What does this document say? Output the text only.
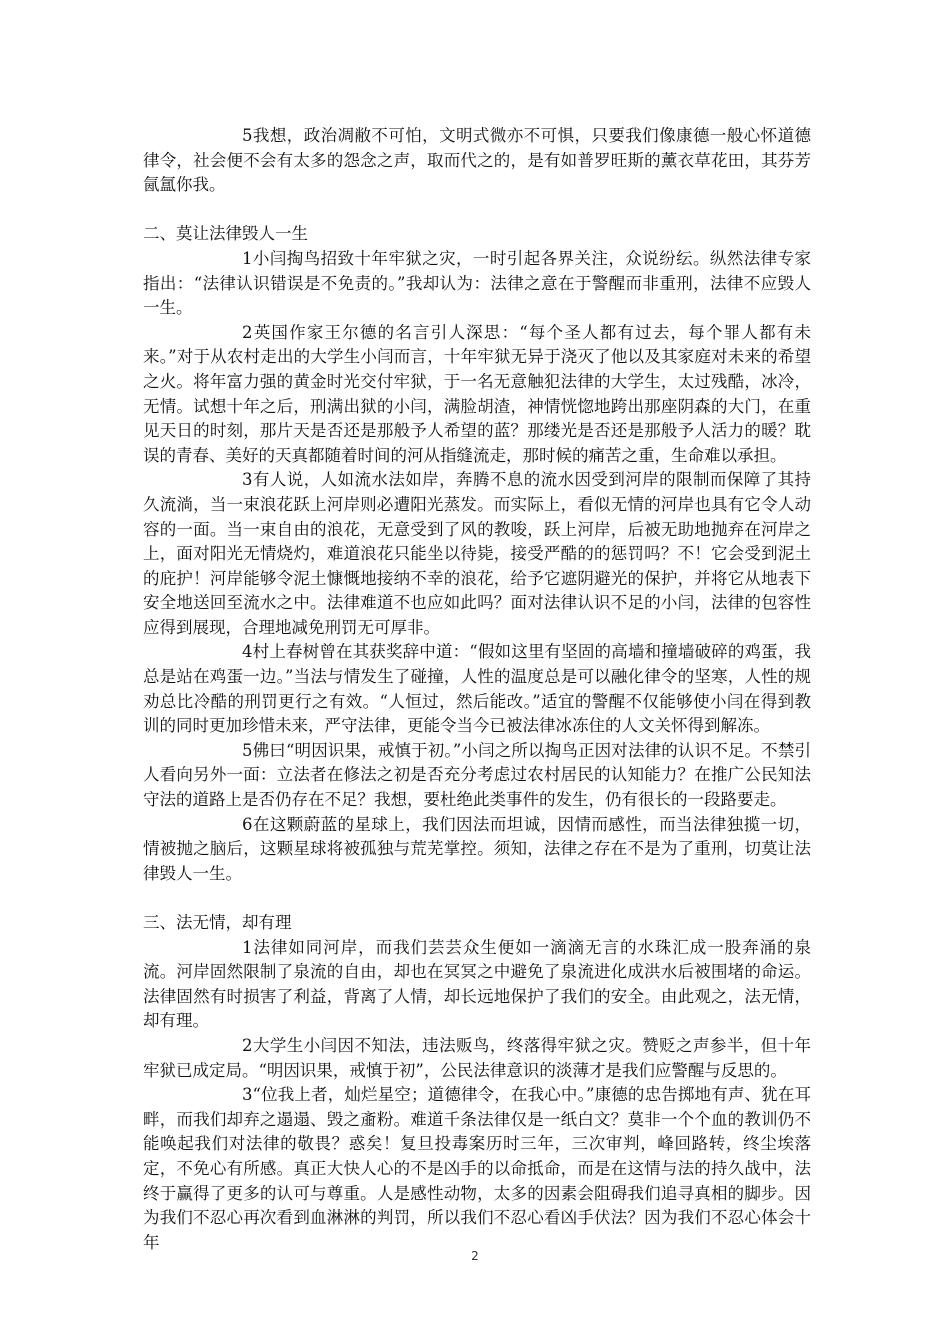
5我想，政治凋敝不可怕，文明式微亦不可惧，只要我们像康德一般心怀道德律令，社会便不会有太多的怨念之声，取而代之的，是有如普罗旺斯的薰衣草花田，其芬芳氤氲你我。

二、莫让法律毁人一生

1小闫掏鸟招致十年牢狱之灾，一时引起各界关注，众说纷纭。纵然法律专家指出：“法律认识错误是不免责的。”我却认为：法律之意在于警醒而非重刑，法律不应毁人一生。

2英国作家王尔德的名言引人深思：“每个圣人都有过去，每个罪人都有未来。”对于从农村走出的大学生小闫而言，十年牢狱无异于浇灭了他以及其家庭对未来的希望之火。将年富力强的黄金时光交付牢狱，于一名无意触犯法律的大学生，太过残酷，冰冷，无情。试想十年之后，刑满出狱的小闫，满脸胡渣，神情恍惚地跨出那座阴森的大门，在重见天日的时刻，那片天是否还是那般予人希望的蓝？那缕光是否还是那般予人活力的暖？耽误的青春、美好的天真都随着时间的河从指缝流走，那时候的痛苦之重，生命难以承担。

3有人说，人如流水法如岸，奔腾不息的流水因受到河岸的限制而保障了其持久流淌，当一束浪花跃上河岸则必遭阳光蒸发。而实际上，看似无情的河岸也具有它令人动容的一面。当一束自由的浪花，无意受到了风的教唆，跃上河岸，后被无助地抛弃在河岸之上，面对阳光无情烧灼，难道浪花只能坐以待毙，接受严酷的的惩罚吗？不！它会受到泥土的庇护！河岸能够令泥土慷慨地接纳不幸的浪花，给予它遮阴避光的保护，并将它从地表下安全地送回至流水之中。法律难道不也应如此吗？面对法律认识不足的小闫，法律的包容性应得到展现，合理地减免刑罚无可厚非。

4村上春树曾在其获奖辞中道：“假如这里有坚固的高墙和撞墙破碎的鸡蛋，我总是站在鸡蛋一边。”当法与情发生了碰撞，人性的温度总是可以融化律令的坚寒，人性的规劝总比冷酷的刑罚更行之有效。“人恒过，然后能改。”适宜的警醒不仅能够使小闫在得到教训的同时更加珍惜未来，严守法律，更能令当今已被法律冰冻住的人文关怀得到解冻。

5佛曰“明因识果，戒慎于初。”小闫之所以掏鸟正因对法律的认识不足。不禁引人看向另外一面：立法者在修法之初是否充分考虑过农村居民的认知能力？在推广公民知法守法的道路上是否仍存在不足？我想，要杜绝此类事件的发生，仍有很长的一段路要走。

6在这颗蔚蓝的星球上，我们因法而坦诚，因情而感性，而当法律独揽一切，情被抛之脑后，这颗星球将被孤独与荒芜掌控。须知，法律之存在不是为了重刑，切莫让法律毁人一生。

三、法无情，却有理

1法律如同河岸，而我们芸芸众生便如一滴滴无言的水珠汇成一股奔涌的泉流。河岸固然限制了泉流的自由，却也在冥冥之中避免了泉流进化成洪水后被围堵的命运。法律固然有时损害了利益，背离了人情，却长远地保护了我们的安全。由此观之，法无情，却有理。

2大学生小闫因不知法，违法贩鸟，终落得牢狱之灾。赞贬之声参半，但十年牢狱已成定局。“明因识果，戒慎于初”，公民法律意识的淡薄才是我们应警醒与反思的。

3“位我上者，灿烂星空；道德律令，在我心中。”康德的忠告掷地有声、犹在耳畔，而我们却弃之遢遢、毁之齑粉。难道千条法律仅是一纸白文？莫非一个个血的教训仍不能唤起我们对法律的敬畏？惑矣！复旦投毒案历时三年，三次审判，峰回路转，终尘埃落定，不免心有所感。真正大快人心的不是凶手的以命抵命，而是在这情与法的持久战中，法终于赢得了更多的认可与尊重。人是感性动物，太多的因素会阻碍我们追寻真相的脚步。因为我们不忍心再次看到血淋淋的判罚，所以我们不忍心看凶手伏法？因为我们不忍心体会十年

2
